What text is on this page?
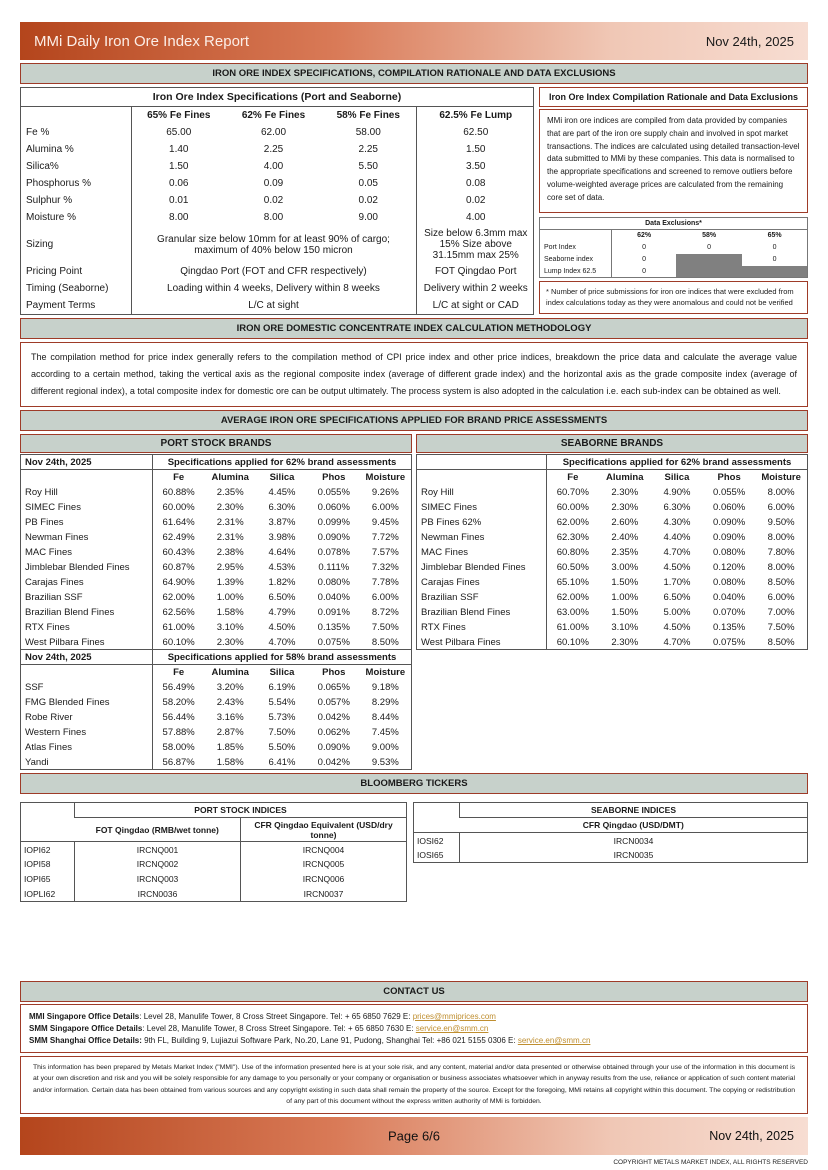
MMi Daily Iron Ore Index Report	Nov 24th, 2025
IRON ORE INDEX SPECIFICATIONS, COMPILATION RATIONALE AND DATA EXCLUSIONS
Iron Ore Index Specifications (Port and Seaborne)
	65% Fe Fines	62% Fe Fines	58% Fe Fines	62.5% Fe Lump
Fe %	65.00	62.00	58.00	62.50
Alumina %	1.40	2.25	2.25	1.50
Silica%	1.50	4.00	5.50	3.50
Phosphorus %	0.06	0.09	0.05	0.08
Sulphur %	0.01	0.02	0.02	0.02
Moisture %	8.00	8.00	9.00	4.00
Sizing	Granular size below 10mm for at least 90% of cargo; maximum of 40% below 150 micron			Size below 6.3mm max 15% Size above 31.15mm max 25%
Pricing Point	Qingdao Port (FOT and CFR respectively)			FOT Qingdao Port
Timing (Seaborne)	Loading within 4 weeks, Delivery within 8 weeks			Delivery within 2 weeks
Payment Terms	L/C at sight			L/C at sight or CAD
Iron Ore Index Compilation Rationale and Data Exclusions
MMi iron ore indices are compiled from data provided by companies that are part of the iron ore supply chain and involved in spot market transactions. The indices are calculated using detailed transaction-level data submitted to MMi by these companies. This data is normalised to the appropriate specifications and screened to remove outliers before volume-weighted average prices are calculated from the remaining core set of data.
Data Exclusions*			
	62%	58%	65%
Port Index	0	0	0
Seaborne index	0		0
Lump Index 62.5	0		
* Number of price submissions for iron ore indices that were excluded from index calculations today as they were anomalous and could not be verified
IRON ORE DOMESTIC CONCENTRATE INDEX CALCULATION METHODOLOGY
The compilation method for price index generally refers to the compilation method of CPI price index and other price indices, breakdown the price data and calculate the average value according to a certain method, taking the vertical axis as the regional composite index (average of different grade index) and the horizontal axis as the grade composite index (average of different regional index), a total composite index for domestic ore can be output ultimately. The process system is also adopted in the calculation i.e. each sub-index can be obtained as well.
AVERAGE IRON ORE SPECIFICATIONS APPLIED FOR BRAND PRICE ASSESSMENTS
PORT STOCK BRANDS
Nov 24th, 2025	Specifications applied for 62% brand assessments				
	Fe	Alumina	Silica	Phos	Moisture
Roy Hill	60.88%	2.35%	4.45%	0.055%	9.26%
SIMEC Fines	60.00%	2.30%	6.30%	0.060%	6.00%
PB Fines	61.64%	2.31%	3.87%	0.099%	9.45%
Newman Fines	62.49%	2.31%	3.98%	0.090%	7.72%
MAC Fines	60.43%	2.38%	4.64%	0.078%	7.57%
Jimblebar Blended Fines	60.87%	2.95%	4.53%	0.111%	7.32%
Carajas Fines	64.90%	1.39%	1.82%	0.080%	7.78%
Brazilian SSF	62.00%	1.00%	6.50%	0.040%	6.00%
Brazilian Blend Fines	62.56%	1.58%	4.79%	0.091%	8.72%
RTX Fines	61.00%	3.10%	4.50%	0.135%	7.50%
West Pilbara Fines	60.10%	2.30%	4.70%	0.075%	8.50%
Nov 24th, 2025	Specifications applied for 58% brand assessments				
	Fe	Alumina	Silica	Phos	Moisture
SSF	56.49%	3.20%	6.19%	0.065%	9.18%
FMG Blended Fines	58.20%	2.43%	5.54%	0.057%	8.29%
Robe River	56.44%	3.16%	5.73%	0.042%	8.44%
Western Fines	57.88%	2.87%	7.50%	0.062%	7.45%
Atlas Fines	58.00%	1.85%	5.50%	0.090%	9.00%
Yandi	56.87%	1.58%	6.41%	0.042%	9.53%
SEABORNE BRANDS
	Specifications applied for 62% brand assessments				
	Fe	Alumina	Silica	Phos	Moisture
Roy Hill	60.70%	2.30%	4.90%	0.055%	8.00%
SIMEC Fines	60.00%	2.30%	6.30%	0.060%	6.00%
PB Fines 62%	62.00%	2.60%	4.30%	0.090%	9.50%
Newman Fines	62.30%	2.40%	4.40%	0.090%	8.00%
MAC Fines	60.80%	2.35%	4.70%	0.080%	7.80%
Jimblebar Blended Fines	60.50%	3.00%	4.50%	0.120%	8.00%
Carajas Fines	65.10%	1.50%	1.70%	0.080%	8.50%
Brazilian SSF	62.00%	1.00%	6.50%	0.040%	6.00%
Brazilian Blend Fines	63.00%	1.50%	5.00%	0.070%	7.00%
RTX Fines	61.00%	3.10%	4.50%	0.135%	7.50%
West Pilbara Fines	60.10%	2.30%	4.70%	0.075%	8.50%
BLOOMBERG TICKERS
	PORT STOCK INDICES	
	FOT Qingdao (RMB/wet tonne)	CFR Qingdao Equivalent (USD/dry tonne)
IOPI62	IRCNQ001	IRCNQ004
IOPI58	IRCNQ002	IRCNQ005
IOPI65	IRCNQ003	IRCNQ006
IOPLI62	IRCN0036	IRCN0037
	SEABORNE INDICES
	CFR Qingdao (USD/DMT)
IOSI62	IRCN0034
IOSI65	IRCN0035
CONTACT US
MMI Singapore Office Details: Level 28, Manulife Tower, 8 Cross Street Singapore. Tel: + 65 6850 7629 E: prices@mmiprices.com
SMM Singapore Office Details: Level 28, Manulife Tower, 8 Cross Street Singapore. Tel: + 65 6850 7630 E: service.en@smm.cn
SMM Shanghai Office Details: 9th FL, Building 9, Lujiazui Software Park, No.20, Lane 91, Pudong, Shanghai Tel: +86 021 5155 0306 E: service.en@smm.cn
This information has been prepared by Metals Market Index ("MMI"). Use of the information presented here is at your sole risk, and any content, material and/or data presented or otherwise obtained through your use of the information in this document is at your own discretion and risk and you will be solely responsible for any damage to you personally or your company or organisation or business associates whatsoever which in anyway results from the use, reliance or application of such content material and/or information. Certain data has been obtained from various sources and any copyright existing in such data shall remain the property of the source. Except for the foregoing, MMi retains all copyright within this document. The copying or redistribution of any part of this document without the express written authority of MMi is forbidden.
Page 6/6	Nov 24th, 2025
COPYRIGHT METALS MARKET INDEX, ALL RIGHTS RESERVED
